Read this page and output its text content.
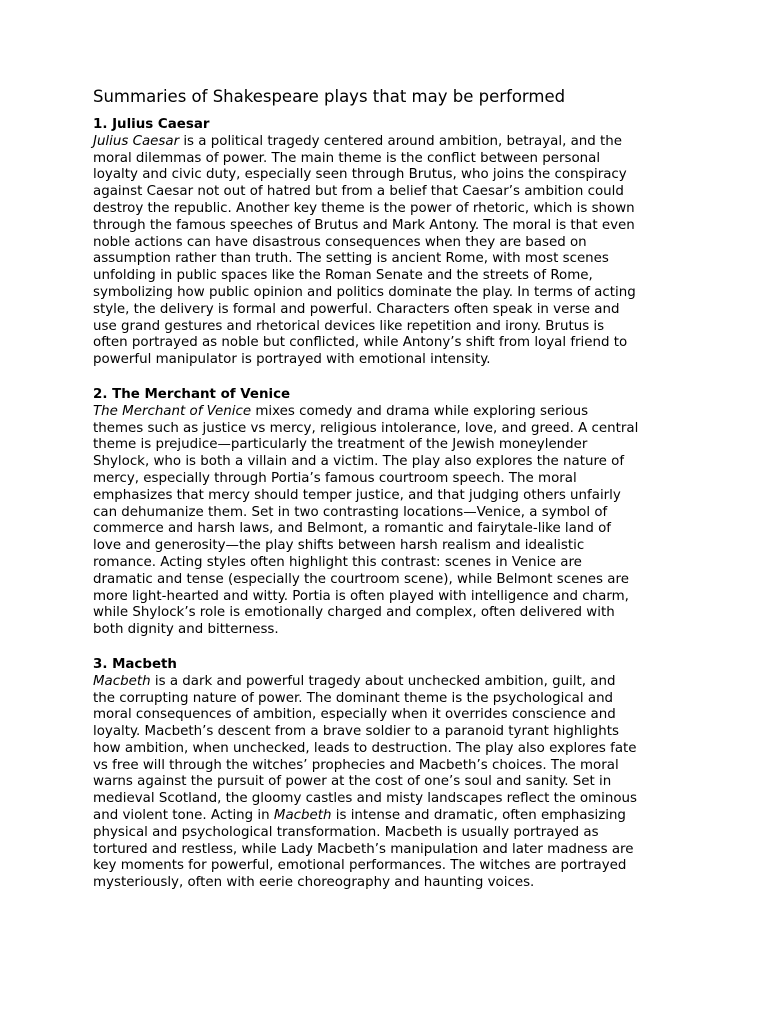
Summaries of Shakespeare plays that may be performed
1. Julius Caesar

Julius Caesar is a political tragedy centered around ambition, betrayal, and the
moral dilemmas of power. The main theme is the conflict between personal
loyalty and civic duty, especially seen through Brutus, who joins the conspiracy
against Caesar not out of hatred but from a belief that Caesar’s ambition could
destroy the republic. Another key theme is the power of rhetoric, which is shown
through the famous speeches of Brutus and Mark Antony. The moral is that even
noble actions can have disastrous consequences when they are based on
assumption rather than truth. The setting is ancient Rome, with most scenes
unfolding in public spaces like the Roman Senate and the streets of Rome,
symbolizing how public opinion and politics dominate the play. In terms of acting
style, the delivery is formal and powerful. Characters often speak in verse and
use grand gestures and rhetorical devices like repetition and irony. Brutus is
often portrayed as noble but conflicted, while Antony’s shift from loyal friend to
powerful manipulator is portrayed with emotional intensity.

2. The Merchant of Venice

The Merchant of Venice mixes comedy and drama while exploring serious
themes such as justice vs mercy, religious intolerance, love, and greed. A central
theme is prejudice—particularly the treatment of the Jewish moneylender
Shylock, who is both a villain and a victim. The play also explores the nature of
mercy, especially through Portia’s famous courtroom speech. The moral
emphasizes that mercy should temper justice, and that judging others unfairly
can dehumanize them. Set in two contrasting locations—Venice, a symbol of
commerce and harsh laws, and Belmont, a romantic and fairytale-like land of
love and generosity—the play shifts between harsh realism and idealistic
romance. Acting styles often highlight this contrast: scenes in Venice are
dramatic and tense (especially the courtroom scene), while Belmont scenes are
more light-hearted and witty. Portia is often played with intelligence and charm,
while Shylock’s role is emotionally charged and complex, often delivered with
both dignity and bitterness.

3. Macbeth

Macbeth is a dark and powerful tragedy about unchecked ambition, guilt, and
the corrupting nature of power. The dominant theme is the psychological and
moral consequences of ambition, especially when it overrides conscience and
loyalty. Macbeth’s descent from a brave soldier to a paranoid tyrant highlights
how ambition, when unchecked, leads to destruction. The play also explores fate
vs free will through the witches’ prophecies and Macbeth’s choices. The moral
warns against the pursuit of power at the cost of one’s soul and sanity. Set in
medieval Scotland, the gloomy castles and misty landscapes reflect the ominous
and violent tone. Acting in Macbeth is intense and dramatic, often emphasizing
physical and psychological transformation. Macbeth is usually portrayed as
tortured and restless, while Lady Macbeth’s manipulation and later madness are
key moments for powerful, emotional performances. The witches are portrayed
mysteriously, often with eerie choreography and haunting voices.
